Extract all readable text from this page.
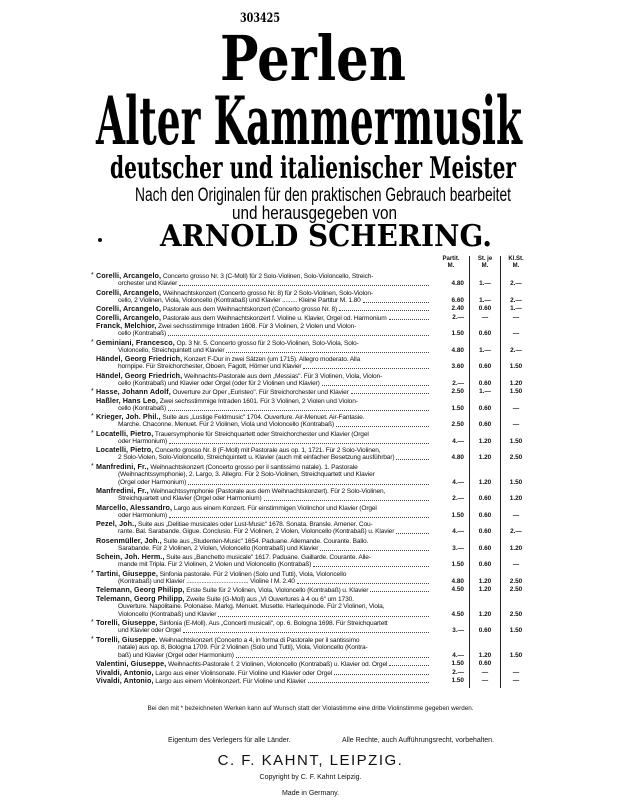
303425
Perlen
Alter Kammermusik
deutscher und italienischer Meister
Nach den Originalen für den praktischen Gebrauch bearbeitet
und herausgegeben von
ARNOLD SCHERING.
Partit.
M.
St. je
M.
Kl.St.
M.
* Corelli, Arcangelo, Concerto grosso Nr. 3 (C-Moll) für 2 Solo-Violinen, Solo-Violoncello, Streich-
orchester und Klavier	4.80	1.—	2.—
Corelli, Arcangelo, Weihnachtskonzert (Concerto grosso Nr. 8) für 2 Solo-Violinen, Solo-Violon-
cello, 2 Violinen, Viola, Violoncello (Kontrabaß) und Klavier ......... Kleine Partitur M. 1.80	6.60	1.—	2.—
Corelli, Arcangelo, Pastorale aus dem Weihnachtskonzert (Concerto grosso Nr. 8)	2.40	0.60	1.—
Corelli, Arcangelo, Pastorale aus dem Weihnachtskonzert f. Violine u. Klavier, Orgel od. Harmonium	2.—	—	—
Franck, Melchior, Zwei sechsstimmige Intraden 1608. Für 3 Violinen, 2 Violen und Violon-
cello (Kontrabaß)	1.50	0.60	—
* Geminiani, Francesco, Op. 3 Nr. 5. Concerto grosso für 2 Solo-Violinen, Solo-Viola, Solo-
Violoncello, Streichquintett und Klavier	4.80	1.—	2.—
Händel, Georg Friedrich, Konzert F-Dur in zwei Sätzen (um 1715). Allegro moderato. Alla
hornpipe. Für Streichorchester, Oboen, Fagott, Hörner und Klavier	3.60	0.60	1.50
Händel, Georg Friedrich, Weihnachts-Pastorale aus dem „Messias". Für 3 Violinen, Viola, Violon-
cello (Kontrabaß) und Klavier oder Orgel (oder für 2 Violinen und Klavier)	2.—	0.60	1.20
* Hasse, Johann Adolf, Ouverture zur Oper „Euristeo". Für Streichorchester und Klavier	2.50	1.—	1.50
Haßler, Hans Leo, Zwei sechsstimmige Intraden 1601. Für 3 Violinen, 2 Violen und Violon-
cello (Kontrabaß)	1.50	0.60	—
* Krieger, Joh. Phil., Suite aus „Lustige Feldmusic" 1704. Ouverture. Air-Menuet. Air-Fantasie.
Marche. Chaconne. Menuet. Für 2 Violinen, Viola und Violoncello (Kontrabaß)	2.50	0.60	—
* Locatelli, Pietro, Trauersymphonie für Streichquartett oder Streichorchester und Klavier (Orgel
oder Harmonium)	4.—	1.20	1.50
Locatelli, Pietro, Concerto grosso Nr. 8 (F-Moll) mit Pastorale aus op. 1, 1721. Für 2 Solo-Violinen,
2 Solo-Violen, Solo-Violoncello, Streichquintett u. Klavier (auch mit einfacher Besetzung ausführbar)	4.80	1.20	2.50
* Manfredini, Fr., Weihnachtskonzert (Concerto grosso per il santissimo natale). 1. Pastorale
(Weihnachtssymphonie), 2. Largo, 3. Allegro. Für 2 Solo-Violinen, Streichquartett und Klavier
(Orgel oder Harmonium)	4.—	1.20	1.50
Manfredini, Fr., Weihnachtssymphonie (Pastorale aus dem Weihnachtskonzert). Für 2 Solo-Violinen,
Streichquartett und Klavier (Orgel oder Harmonium)	2.—	0.60	1.20
Marcello, Alessandro, Largo aus einem Konzert. Für einstimmigen Violinchor und Klavier (Orgel
oder Harmonium)	1.50	0.60	—
Pezel, Joh., Suite aus „Delitiae musicales oder Lust-Music" 1678. Sonata. Bransle. Amener. Cou-
rante. Bal. Sarabande. Gigue. Conclusio. Für 2 Violinen, 2 Violen, Violoncello (Kontrabaß) u. Klavier	4.—	0.60	2.—
Rosenmüller, Joh., Suite aus „Studenten-Music" 1654. Paduane. Allemande. Courante. Ballo.
Sarabande. Für 2 Violinen, 2 Violen, Violoncello (Kontrabaß) und Klavier	3.—	0.60	1.20
Schein, Joh. Herm., Suite aus „Banchetto musicale" 1617. Paduane. Gaillarde. Courante. Alle-
mande mit Tripla. Für 2 Violinen, 2 Violen und Violoncello (Kontrabaß)	1.50	0.60	—
* Tartini, Giuseppe, Sinfonia pastorale. Für 2 Violinen (Solo und Tutti), Viola, Violoncello
(Kontrabaß) und Klavier ..................................... Violine I M. 2.40	4.80	1.20	2.50
Telemann, Georg Philipp, Erste Suite für 2 Violinen, Viola, Violoncello (Kontrabaß) u. Klavier	4.50	1.20	2.50
Telemann, Georg Philipp, Zweite Suite (G-Moll) aus „VI Ouvertures à 4 ou 6" um 1730.
Ouverture. Napolitaine. Polonaise. Markg. Menuet. Musette. Harlequinode. Für 2 Violinen, Viola,
Violoncello (Kontrabaß) und Klavier	4.50	1.20	2.50
* Torelli, Giuseppe, Sinfonia (E-Moll). Aus „Concerti musicali", op. 6. Bologna 1698. Für Streichquartett
und Klavier oder Orgel	3.—	0.60	1.50
* Torelli, Giuseppe. Weihnachtskonzert (Concerto a 4, in forma di Pastorale per il santissimo
natale) aus op. 8, Bologna 1709. Für 2 Violinen (Solo und Tutti), Viola, Violoncello (Kontra-
baß) und Klavier (Orgel oder Harmonium)	4.—	1.20	1.50
Valentini, Giuseppe, Weihnachts-Pastorale f. 2 Violinen, Violoncello (Kontrabaß) u. Klavier od. Orgel	1.50	0.60
Vivaldi, Antonio, Largo aus einer Violinsonate. Für Violine und Klavier oder Orgel	2.—	—	—
Vivaldi, Antonio, Largo aus einem Violinkonzert. Für Violine und Klavier	1.50	—	—
Bei den mit * bezeichneten Werken kann auf Wunsch statt der Violastimme eine dritte Violinstimme gegeben werden.
Eigentum des Verlegers für alle Länder.	Alle Rechte, auch Aufführungsrecht, vorbehalten.
C. F. KAHNT, LEIPZIG.
Copyright by C. F. Kahnt Leipzig.
Made in Germany.
